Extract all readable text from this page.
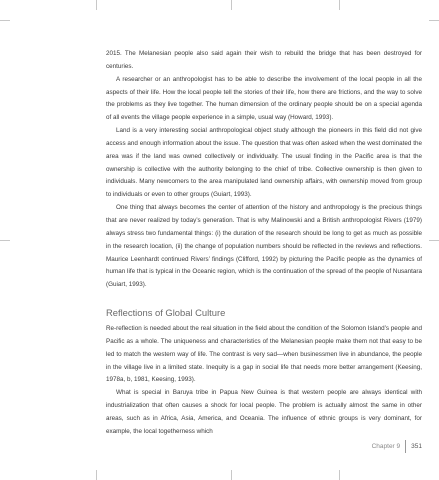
2015. The Melanesian people also said again their wish to rebuild the bridge that has been destroyed for centuries.

A researcher or an anthropologist has to be able to describe the involvement of the local people in all the aspects of their life. How the local people tell the stories of their life, how there are frictions, and the way to solve the problems as they live together. The human dimension of the ordinary people should be on a special agenda of all events the village people experience in a simple, usual way (Howard, 1993).

Land is a very interesting social anthropological object study although the pioneers in this field did not give access and enough information about the issue. The question that was often asked when the west dominated the area was if the land was owned collectively or individually. The usual finding in the Pacific area is that the ownership is collective with the authority belonging to the chief of tribe. Collective ownership is then given to individuals. Many newcomers to the area manipulated land ownership affairs, with ownership moved from group to individuals or even to other groups (Guiart, 1993).

One thing that always becomes the center of attention of the history and anthropology is the precious things that are never realized by today’s generation. That is why Malinowski and a British anthropologist Rivers (1979) always stress two fundamental things: (i) the duration of the research should be long to get as much as possible in the research location, (ii) the change of population numbers should be reflected in the reviews and reflections. Maurice Leenhardt continued Rivers’ findings (Clifford, 1992) by picturing the Pacific people as the dynamics of human life that is typical in the Oceanic region, which is the continuation of the spread of the people of Nusantara (Guiart, 1993).

Reflections of Global Culture

Re-reflection is needed about the real situation in the field about the condition of the Solomon Island’s people and Pacific as a whole. The uniqueness and characteristics of the Melanesian people make them not that easy to be led to match the western way of life. The contrast is very sad—when businessmen live in abundance, the people in the village live in a limited state. Inequity is a gap in social life that needs more better arrangement (Keesing, 1978a, b, 1981, Keesing, 1993).

What is special in Baruya tribe in Papua New Guinea is that western people are always identical with industrialization that often causes a shock for local people. The problem is actually almost the same in other areas, such as in Africa, Asia, America, and Oceania. The influence of ethnic groups is very dominant, for example, the local togetherness which

Chapter 9 351
